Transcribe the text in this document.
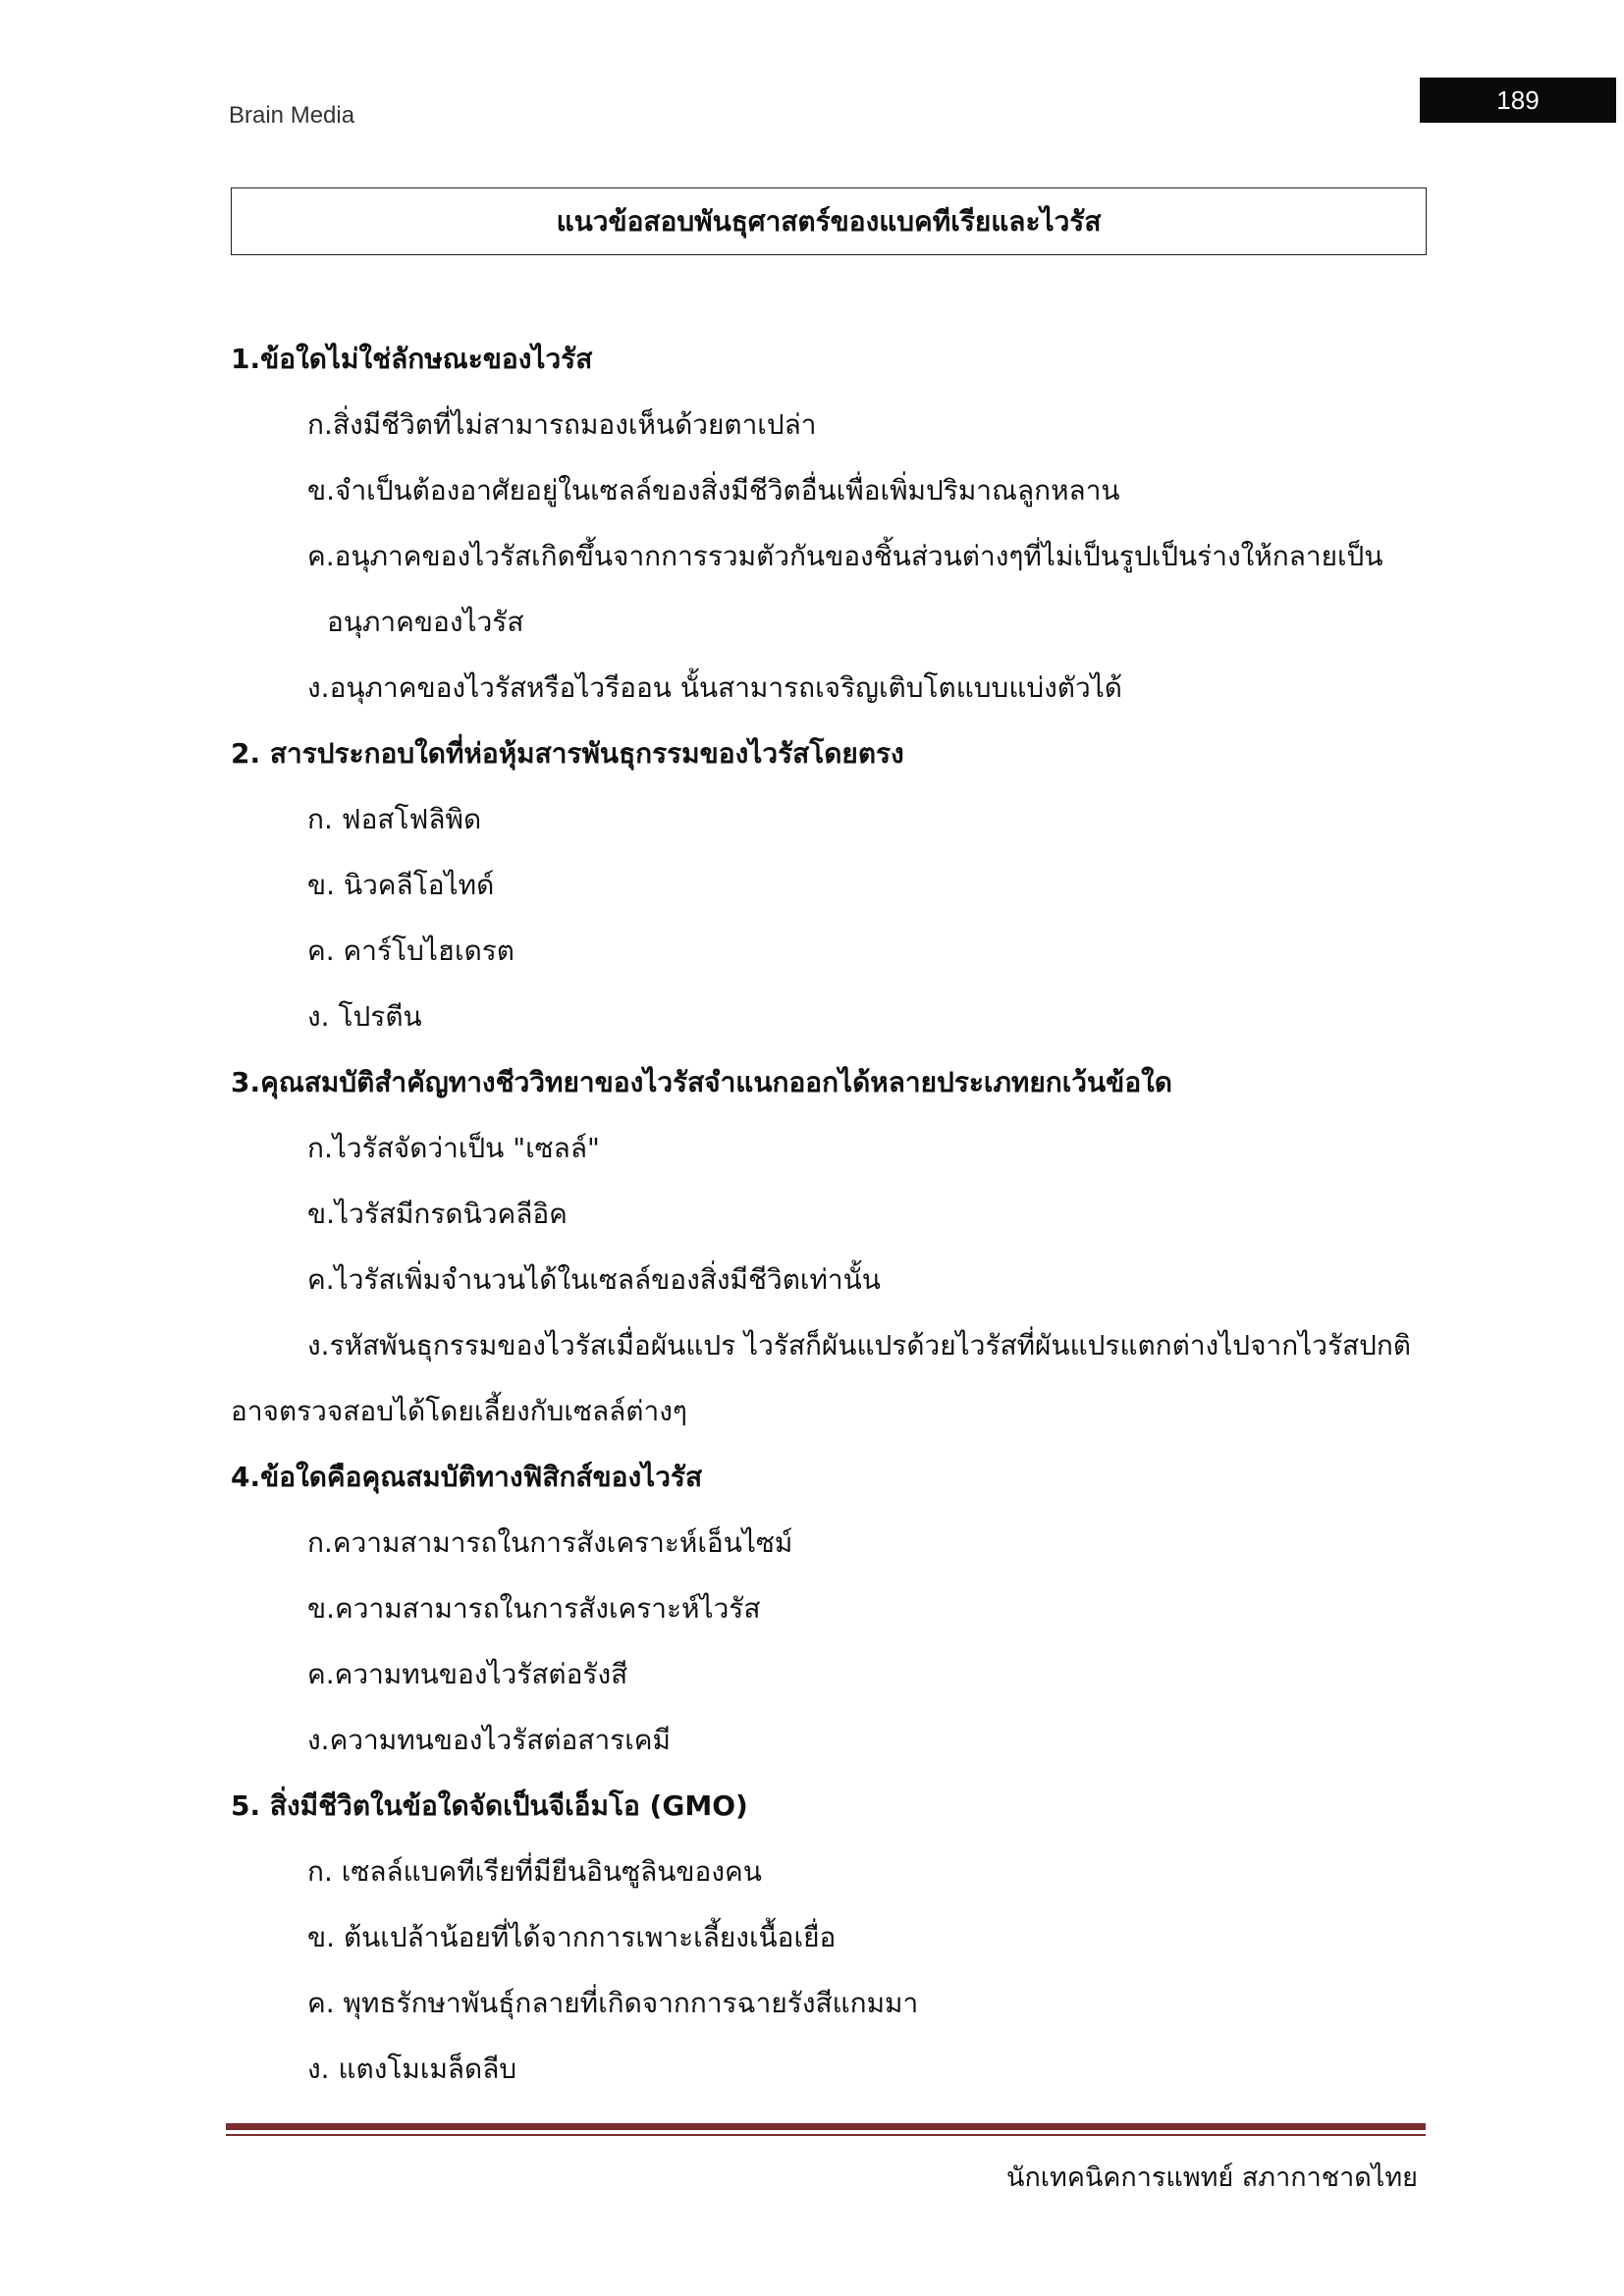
Brain Media
189
แนวข้อสอบพันธุศาสตร์ของแบคทีเรียและไวรัส
1.ข้อใดไม่ใช่ลักษณะของไวรัส
ก.สิ่งมีชีวิตที่ไม่สามารถมองเห็นด้วยตาเปล่า
ข.จำเป็นต้องอาศัยอยู่ในเซลล์ของสิ่งมีชีวิตอื่นเพื่อเพิ่มปริมาณลูกหลาน
ค.อนุภาคของไวรัสเกิดขึ้นจากการรวมตัวกันของชิ้นส่วนต่างๆที่ไม่เป็นรูปเป็นร่างให้กลายเป็น
อนุภาคของไวรัส
ง.อนุภาคของไวรัสหรือไวรีออน นั้นสามารถเจริญเติบโตแบบแบ่งตัวได้
2. สารประกอบใดที่ห่อหุ้มสารพันธุกรรมของไวรัสโดยตรง
ก. ฟอสโฟลิพิด
ข. นิวคลีโอไทด์
ค. คาร์โบไฮเดรต
ง. โปรตีน
3.คุณสมบัติสำคัญทางชีววิทยาของไวรัสจำแนกออกได้หลายประเภทยกเว้นข้อใด
ก.ไวรัสจัดว่าเป็น "เซลล์"
ข.ไวรัสมีกรดนิวคลีอิค
ค.ไวรัสเพิ่มจำนวนได้ในเซลล์ของสิ่งมีชีวิตเท่านั้น
ง.รหัสพันธุกรรมของไวรัสเมื่อผันแปร ไวรัสก็ผันแปรด้วยไวรัสที่ผันแปรแตกต่างไปจากไวรัสปกติอาจตรวจสอบได้โดยเลี้ยงกับเซลล์ต่างๆ
4.ข้อใดคือคุณสมบัติทางฟิสิกส์ของไวรัส
ก.ความสามารถในการสังเคราะห์เอ็นไซม์
ข.ความสามารถในการสังเคราะห์ไวรัส
ค.ความทนของไวรัสต่อรังสี
ง.ความทนของไวรัสต่อสารเคมี
5. สิ่งมีชีวิตในข้อใดจัดเป็นจีเอ็มโอ (GMO)
ก. เซลล์แบคทีเรียที่มียีนอินซูลินของคน
ข. ต้นเปล้าน้อยที่ได้จากการเพาะเลี้ยงเนื้อเยื่อ
ค. พุทธรักษาพันธุ์กลายที่เกิดจากการฉายรังสีแกมมา
ง. แตงโมเมล็ดลีบ
นักเทคนิคการแพทย์ สภากาชาดไทย
